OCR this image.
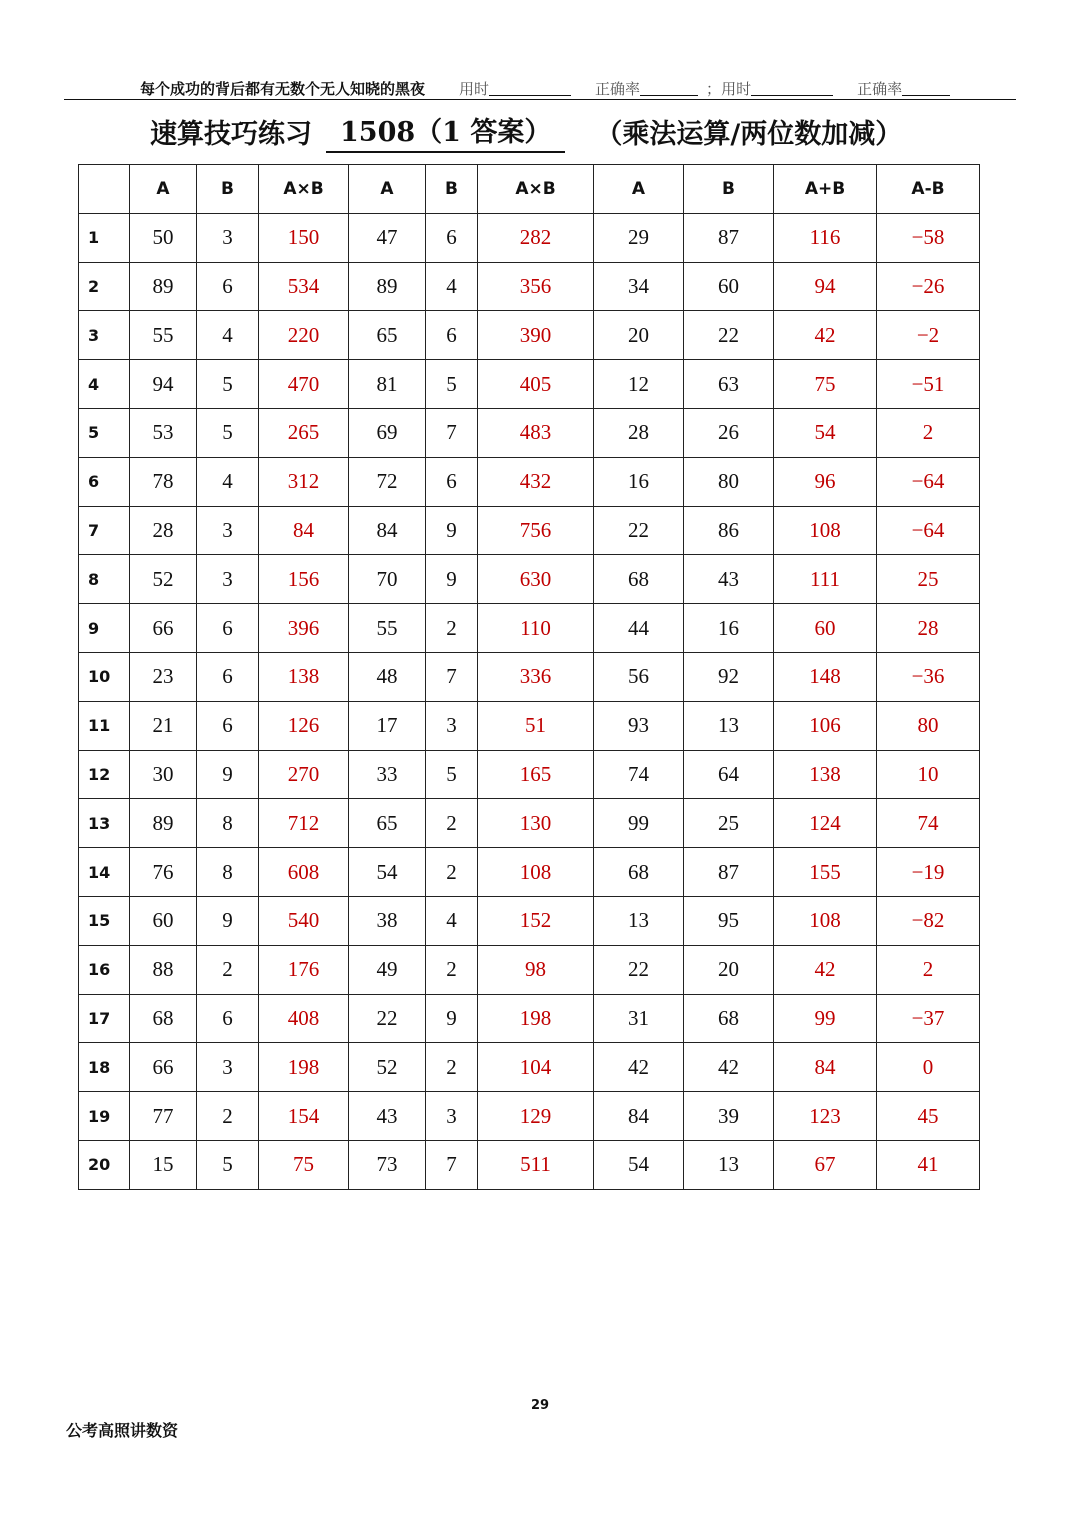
每个成功的背后都有无数个无人知晓的黑夜 用时	正确率	； 用时	正确率
速算技巧练习	1508（1 答案）	（乘法运算/两位数加减）
	A	B	A×B	A	B	A×B	A	B	A+B	A-B
1	50	3	150	47	6	282	29	87	116	−58
2	89	6	534	89	4	356	34	60	94	−26
3	55	4	220	65	6	390	20	22	42	−2
4	94	5	470	81	5	405	12	63	75	−51
5	53	5	265	69	7	483	28	26	54	2
6	78	4	312	72	6	432	16	80	96	−64
7	28	3	84	84	9	756	22	86	108	−64
8	52	3	156	70	9	630	68	43	111	25
9	66	6	396	55	2	110	44	16	60	28
10	23	6	138	48	7	336	56	92	148	−36
11	21	6	126	17	3	51	93	13	106	80
12	30	9	270	33	5	165	74	64	138	10
13	89	8	712	65	2	130	99	25	124	74
14	76	8	608	54	2	108	68	87	155	−19
15	60	9	540	38	4	152	13	95	108	−82
16	88	2	176	49	2	98	22	20	42	2
17	68	6	408	22	9	198	31	68	99	−37
18	66	3	198	52	2	104	42	42	84	0
19	77	2	154	43	3	129	84	39	123	45
20	15	5	75	73	7	511	54	13	67	41
29
公考高照讲数资
